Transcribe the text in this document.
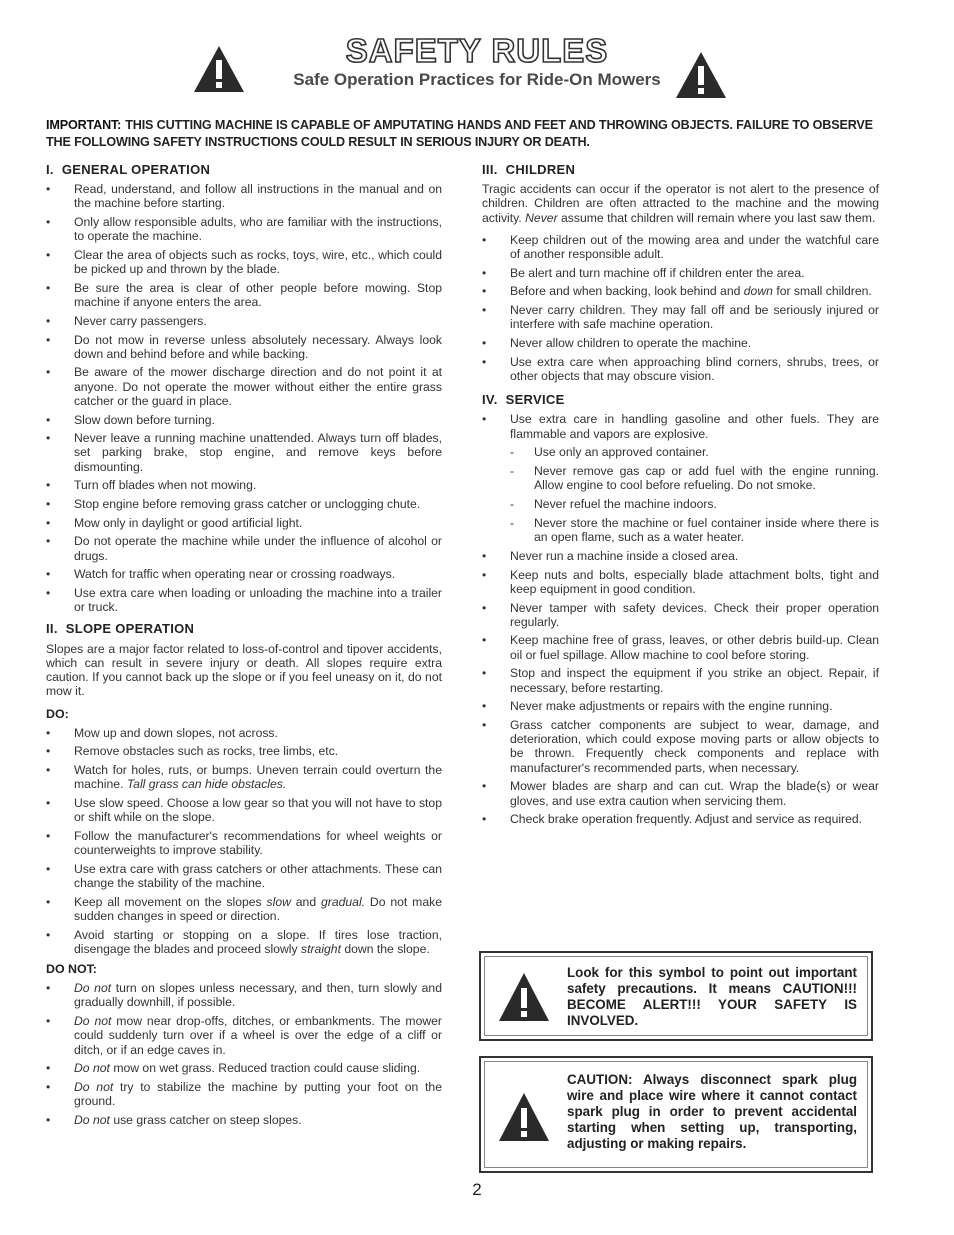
SAFETY RULES
Safe Operation Practices for Ride-On Mowers
IMPORTANT: THIS CUTTING MACHINE IS CAPABLE OF AMPUTATING HANDS AND FEET AND THROWING OBJECTS. FAILURE TO OBSERVE THE FOLLOWING SAFETY INSTRUCTIONS COULD RESULT IN SERIOUS INJURY OR DEATH.
I. GENERAL OPERATION
• Read, understand, and follow all instructions in the manual and on the machine before starting.
• Only allow responsible adults, who are familiar with the instructions, to operate the machine.
• Clear the area of objects such as rocks, toys, wire, etc., which could be picked up and thrown by the blade.
• Be sure the area is clear of other people before mowing. Stop machine if anyone enters the area.
• Never carry passengers.
• Do not mow in reverse unless absolutely necessary. Always look down and behind before and while backing.
• Be aware of the mower discharge direction and do not point it at anyone. Do not operate the mower without either the entire grass catcher or the guard in place.
• Slow down before turning.
• Never leave a running machine unattended. Always turn off blades, set parking brake, stop engine, and remove keys before dismounting.
• Turn off blades when not mowing.
• Stop engine before removing grass catcher or unclogging chute.
• Mow only in daylight or good artificial light.
• Do not operate the machine while under the influence of alcohol or drugs.
• Watch for traffic when operating near or crossing roadways.
• Use extra care when loading or unloading the machine into a trailer or truck.
II. SLOPE OPERATION

Slopes are a major factor related to loss-of-control and tipover accidents, which can result in severe injury or death. All slopes require extra caution. If you cannot back up the slope or if you feel uneasy on it, do not mow it.

DO:
• Mow up and down slopes, not across.
• Remove obstacles such as rocks, tree limbs, etc.
• Watch for holes, ruts, or bumps. Uneven terrain could overturn the machine. Tall grass can hide obstacles.
• Use slow speed. Choose a low gear so that you will not have to stop or shift while on the slope.
• Follow the manufacturer's recommendations for wheel weights or counterweights to improve stability.
• Use extra care with grass catchers or other attachments. These can change the stability of the machine.
• Keep all movement on the slopes slow and gradual. Do not make sudden changes in speed or direction.
• Avoid starting or stopping on a slope. If tires lose traction, disengage the blades and proceed slowly straight down the slope.
DO NOT:
• Do not turn on slopes unless necessary, and then, turn slowly and gradually downhill, if possible.
• Do not mow near drop-offs, ditches, or embankments. The mower could suddenly turn over if a wheel is over the edge of a cliff or ditch, or if an edge caves in.
• Do not mow on wet grass. Reduced traction could cause sliding.
• Do not try to stabilize the machine by putting your foot on the ground.
• Do not use grass catcher on steep slopes.
III. CHILDREN

Tragic accidents can occur if the operator is not alert to the presence of children. Children are often attracted to the machine and the mowing activity. Never assume that children will remain where you last saw them.

• Keep children out of the mowing area and under the watchful care of another responsible adult.
• Be alert and turn machine off if children enter the area.
• Before and when backing, look behind and down for small children.
• Never carry children. They may fall off and be seriously injured or interfere with safe machine operation.
• Never allow children to operate the machine.
• Use extra care when approaching blind corners, shrubs, trees, or other objects that may obscure vision.
IV. SERVICE
• Use extra care in handling gasoline and other fuels. They are flammable and vapors are explosive.
- Use only an approved container.
- Never remove gas cap or add fuel with the engine running. Allow engine to cool before refueling. Do not smoke.
- Never refuel the machine indoors.
- Never store the machine or fuel container inside where there is an open flame, such as a water heater.
• Never run a machine inside a closed area.
• Keep nuts and bolts, especially blade attachment bolts, tight and keep equipment in good condition.
• Never tamper with safety devices. Check their proper operation regularly.
• Keep machine free of grass, leaves, or other debris build-up. Clean oil or fuel spillage. Allow machine to cool before storing.
• Stop and inspect the equipment if you strike an object. Repair, if necessary, before restarting.
• Never make adjustments or repairs with the engine running.
• Grass catcher components are subject to wear, damage, and deterioration, which could expose moving parts or allow objects to be thrown. Frequently check components and replace with manufacturer's recommended parts, when necessary.
• Mower blades are sharp and can cut. Wrap the blade(s) or wear gloves, and use extra caution when servicing them.
• Check brake operation frequently. Adjust and service as required.
Look for this symbol to point out important safety precautions. It means CAUTION!!! BECOME ALERT!!! YOUR SAFETY IS INVOLVED.
CAUTION: Always disconnect spark plug wire and place wire where it cannot contact spark plug in order to prevent accidental starting when setting up, transporting, adjusting or making repairs.
2
